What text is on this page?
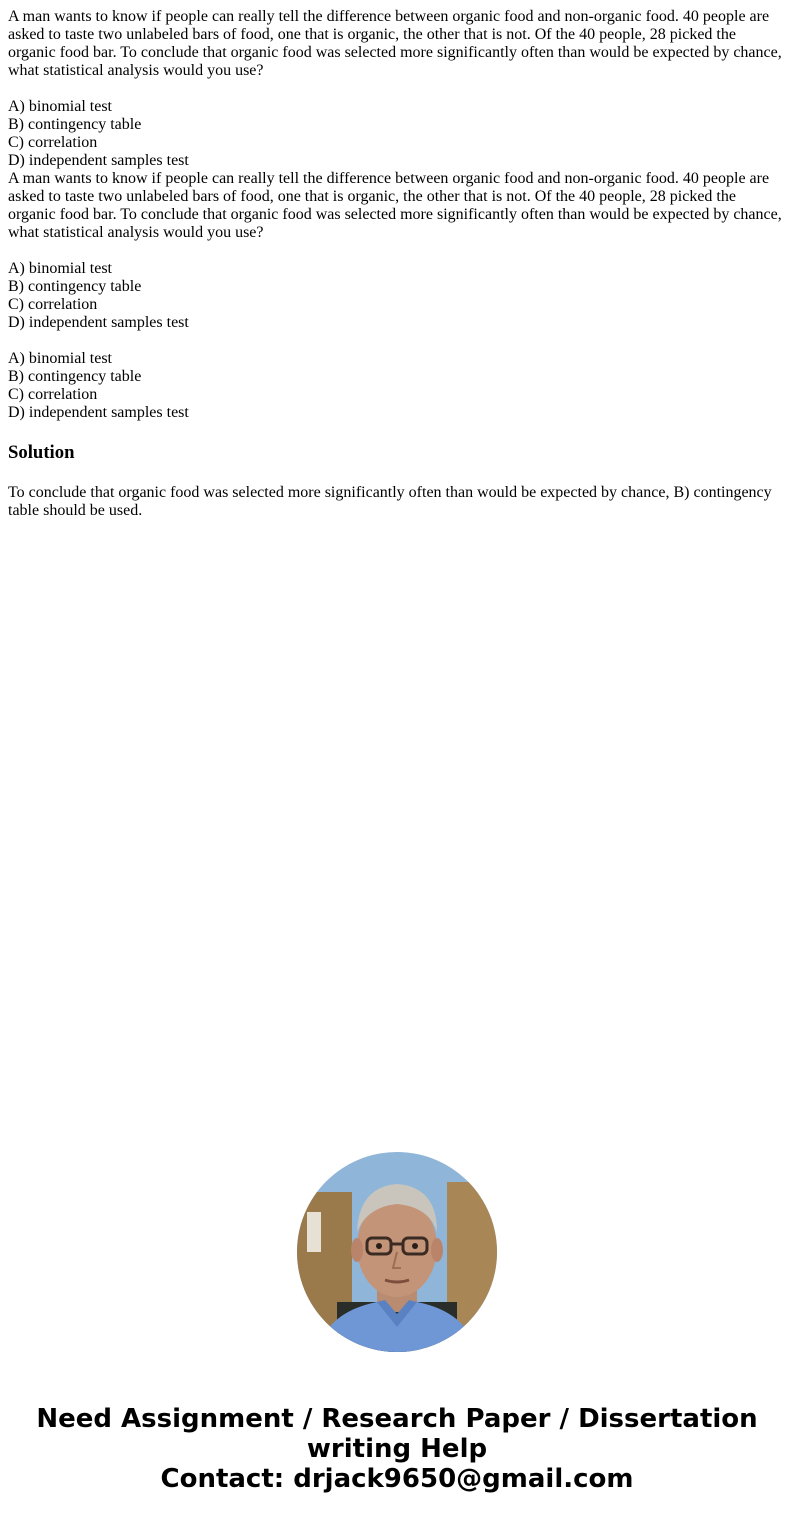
A man wants to know if people can really tell the difference between organic food and non-organic food. 40 people are asked to taste two unlabeled bars of food, one that is organic, the other that is not. Of the 40 people, 28 picked the organic food bar. To conclude that organic food was selected more significantly often than would be expected by chance, what statistical analysis would you use?

A) binomial test
B) contingency table
C) correlation
D) independent samples test

A man wants to know if people can really tell the difference between organic food and non-organic food. 40 people are asked to taste two unlabeled bars of food, one that is organic, the other that is not. Of the 40 people, 28 picked the organic food bar. To conclude that organic food was selected more significantly often than would be expected by chance, what statistical analysis would you use?

A) binomial test
B) contingency table
C) correlation
D) independent samples test
A) binomial test
B) contingency table
C) correlation
D) independent samples test
Solution

To conclude that organic food was selected more significantly often than would be expected by chance, B) contingency table should be used.

Need Assignment / Research Paper / Dissertation
writing Help
Contact: drjack9650@gmail.com
